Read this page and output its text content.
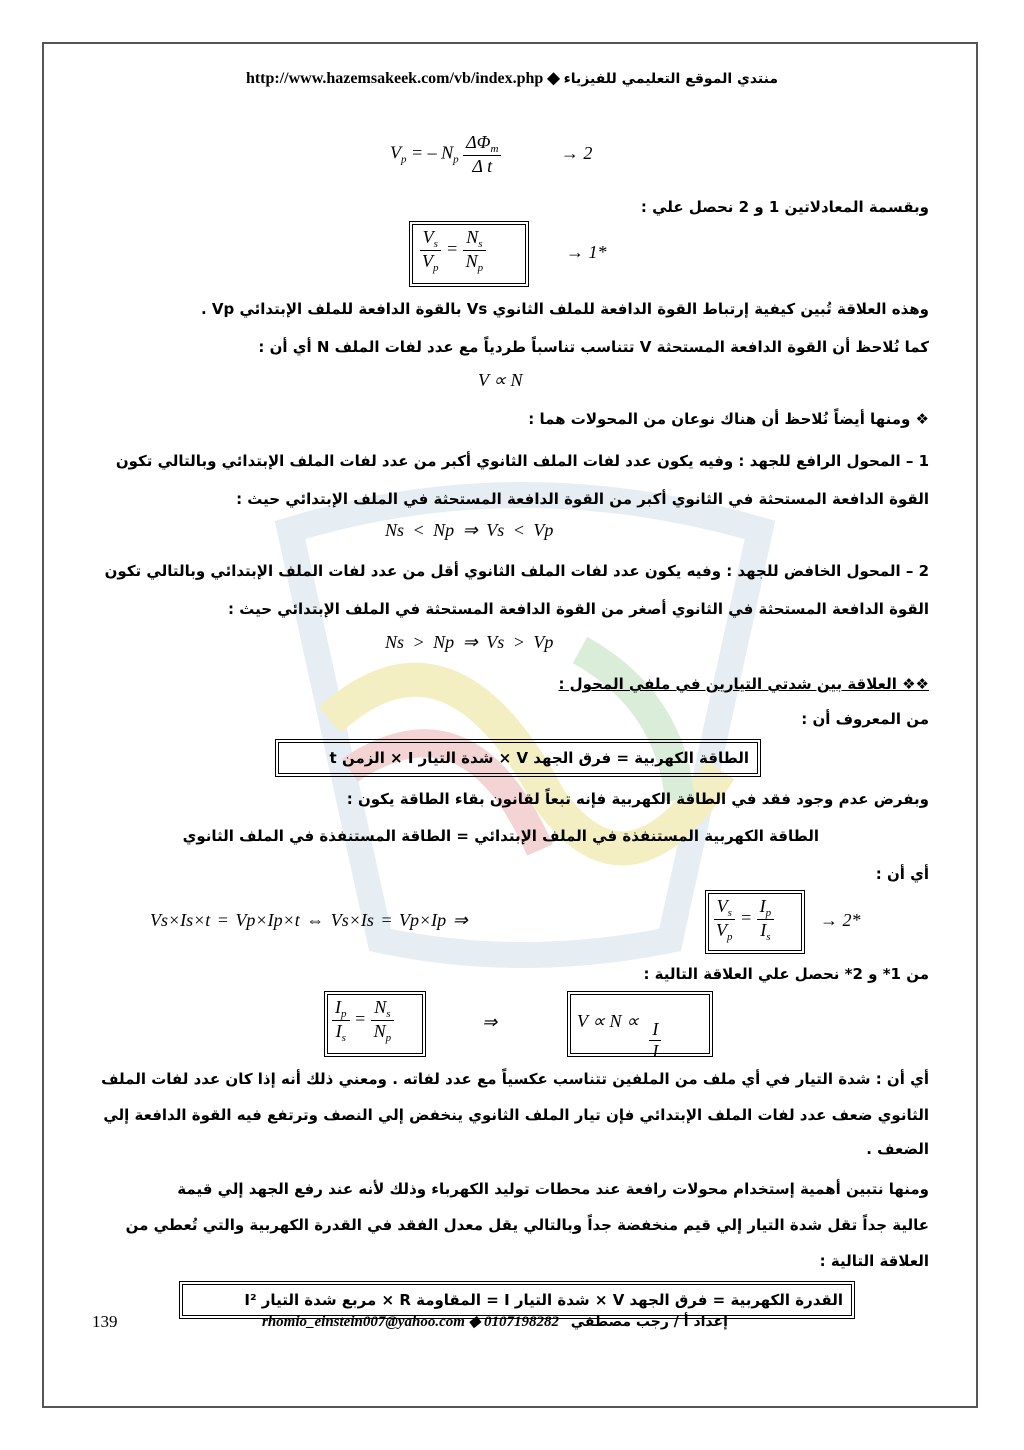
http://www.hazemsakeek.com/vb/index.php ◆ منتدي الموقع التعليمي للفيزياء
$V_p$ = – $N_p \frac{\Delta\Phi_m}{\text{Δ t}}$	→ 2
وبقسمة المعادلاتين 1 و 2 نحصل علي :
$\frac{V_s}{V_p} = \frac{N_s}{N_p}$	→ 1*
وهذه العلاقة تُبين كيفية إرتباط القوة الدافعة للملف الثانوي Vs بالقوة الدافعة للملف الإبتدائي Vp .
كما نُلاحظ أن القوة الدافعة المستحثة V تتناسب تناسباً طردياً مع عدد لفات الملف N أي أن :
V ∝ N
❖ ومنها أيضاً نُلاحظ أن هناك نوعان من المحولات هما :
1 – المحول الرافع للجهد : وفيه يكون عدد لفات الملف الثانوي أكبر من عدد لفات الملف الإبتدائي وبالتالي تكون
القوة الدافعة المستحثة في الثانوي أكبر من القوة الدافعة المستحثة في الملف الإبتدائي حيث :
Ns < Np ⇒ Vs < Vp
2 – المحول الخافض للجهد : وفيه يكون عدد لفات الملف الثانوي أقل من عدد لفات الملف الإبتدائي وبالتالي تكون
القوة الدافعة المستحثة في الثانوي أصغر من القوة الدافعة المستحثة في الملف الإبتدائي حيث :
Ns > Np ⇒ Vs > Vp
❖❖ العلاقة بين شدتي التيارين في ملفي المحول :
من المعروف أن :
الطاقة الكهربية = فرق الجهد V × شدة التيار I × الزمن t
وبفرض عدم وجود فقد في الطاقة الكهربية فإنه تبعاً لقانون بقاء الطاقة يكون :
الطاقة الكهربية المستنفذة في الملف الإبتدائي = الطاقة المستنفذة في الملف الثانوي
أي أن :
Vs×Is×t = Vp×Ip×t ⇔ Vs×Is = Vp×Ip ⇒	$\frac{V_s}{V_p} = \frac{I_p}{I_s}$	→ 2*
من 1* و 2* نحصل علي العلاقة التالية :
$\frac{I_p}{I_s} = \frac{N_s}{N_p}$	⇒	$V \propto N \propto \frac{I}{I}$
أي أن : شدة التيار في أي ملف من الملفين تتناسب عكسياً مع عدد لفاته . ومعني ذلك أنه إذا كان عدد لفات الملف
الثانوي ضعف عدد لفات الملف الإبتدائي فإن تيار الملف الثانوي ينخفض إلي النصف وترتفع فيه القوة الدافعة إلي
الضعف .
ومنها نتبين أهمية إستخدام محولات رافعة عند محطات توليد الكهرباء وذلك لأنه عند رفع الجهد إلي قيمة
عالية جداً تقل شدة التيار إلي قيم منخفضة جداً وبالتالي يقل معدل الفقد في القدرة الكهربية والتي تُعطي من
العلاقة التالية :
القدرة الكهربية = فرق الجهد V × شدة التيار I = المقاومة R × مربع شدة التيار I²
139	rhomio_einstein007@yahoo.com ◆ 0107198282 إعداد أ / رجب مصطفي
